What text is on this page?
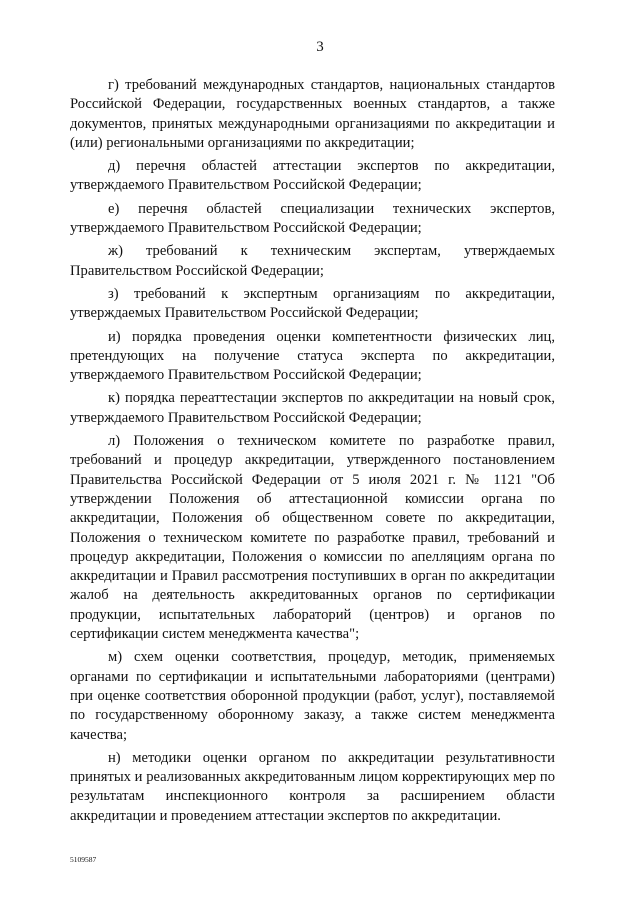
3

г) требований международных стандартов, национальных стандартов Российской Федерации, государственных военных стандартов, а также документов, принятых международными организациями по аккредитации и (или) региональными организациями по аккредитации;

д) перечня областей аттестации экспертов по аккредитации, утверждаемого Правительством Российской Федерации;

е) перечня областей специализации технических экспертов, утверждаемого Правительством Российской Федерации;

ж) требований к техническим экспертам, утверждаемых Правительством Российской Федерации;

з) требований к экспертным организациям по аккредитации, утверждаемых Правительством Российской Федерации;

и) порядка проведения оценки компетентности физических лиц, претендующих на получение статуса эксперта по аккредитации, утверждаемого Правительством Российской Федерации;

к) порядка переаттестации экспертов по аккредитации на новый срок, утверждаемого Правительством Российской Федерации;

л) Положения о техническом комитете по разработке правил, требований и процедур аккредитации, утвержденного постановлением Правительства Российской Федерации от 5 июля 2021 г. № 1121 "Об утверждении Положения об аттестационной комиссии органа по аккредитации, Положения об общественном совете по аккредитации, Положения о техническом комитете по разработке правил, требований и процедур аккредитации, Положения о комиссии по апелляциям органа по аккредитации и Правил рассмотрения поступивших в орган по аккредитации жалоб на деятельность аккредитованных органов по сертификации продукции, испытательных лабораторий (центров) и органов по сертификации систем менеджмента качества";

м) схем оценки соответствия, процедур, методик, применяемых органами по сертификации и испытательными лабораториями (центрами) при оценке соответствия оборонной продукции (работ, услуг), поставляемой по государственному оборонному заказу, а также систем менеджмента качества;

н) методики оценки органом по аккредитации результативности принятых и реализованных аккредитованным лицом корректирующих мер по результатам инспекционного контроля за расширением области аккредитации и проведением аттестации экспертов по аккредитации.

5109587
